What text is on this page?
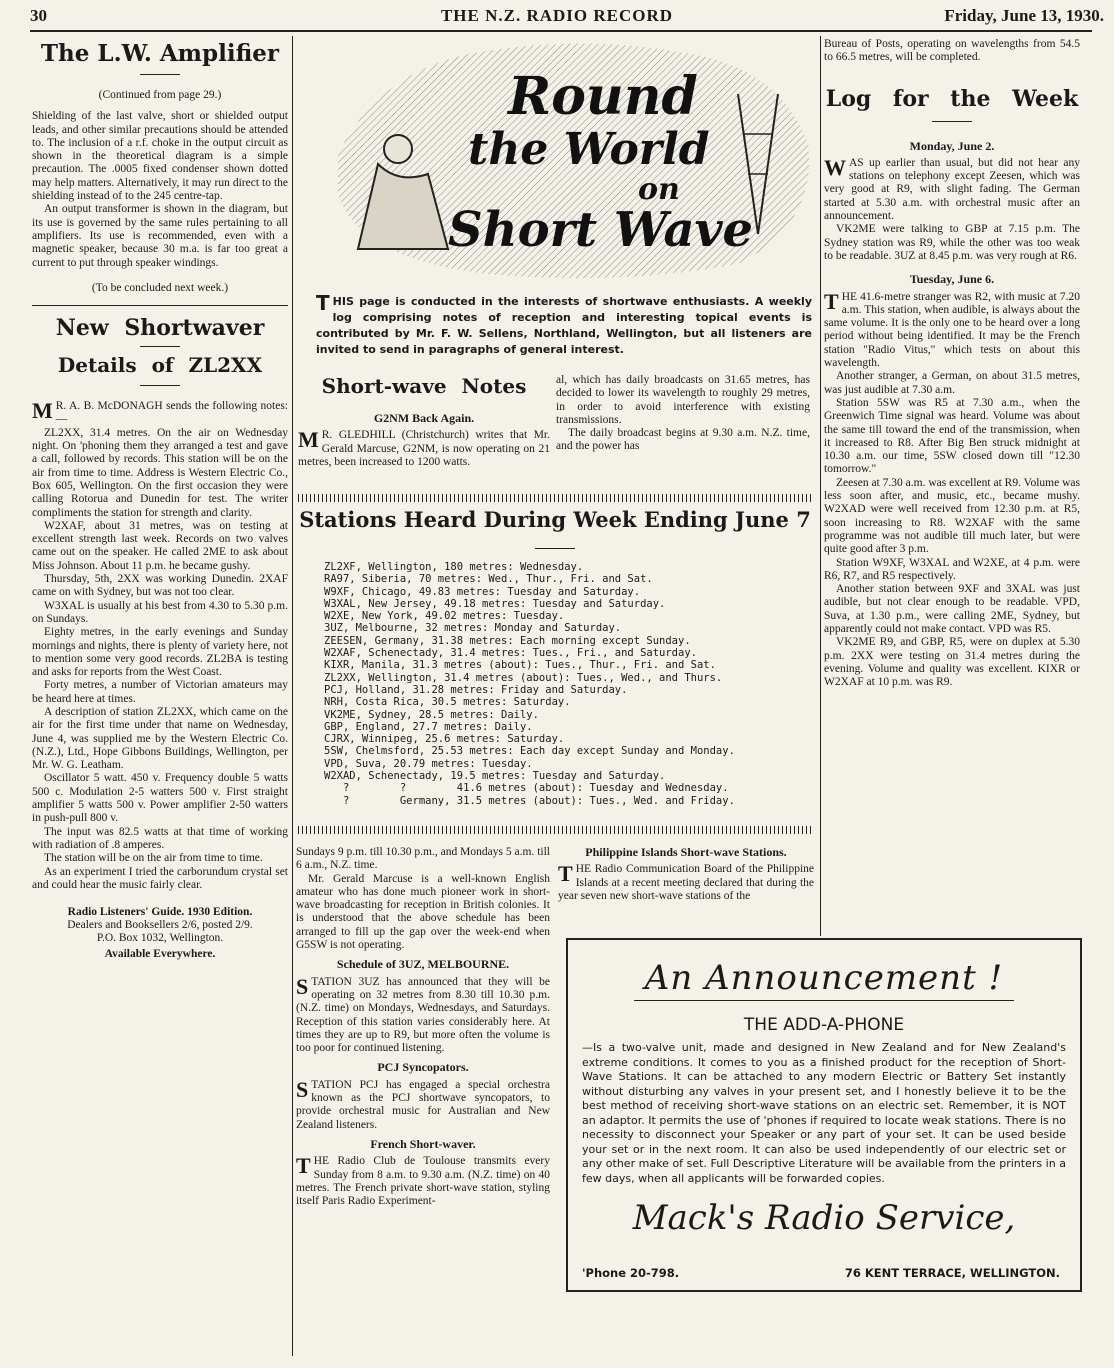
30	THE N.Z. RADIO RECORD	Friday, June 13, 1930.
The L.W. Amplifier
(Continued from page 29.)

Shielding of the last valve, short or shielded output leads, and other similar precautions should be attended to. The inclusion of a r.f. choke in the output circuit as shown in the theoretical diagram is a simple precaution. The .0005 fixed condenser shown dotted may help matters. Alternatively, it may run direct to the shielding instead of to the 245 centre-tap.

An output transformer is shown in the diagram, but its use is governed by the same rules pertaining to all amplifiers. Its use is recommended, even with a magnetic speaker, because 30 m.a. is far too great a current to put through speaker windings.

(To be concluded next week.)
New Shortwaver
Details of ZL2XX

M R. A. B. McDONAGH sends the following notes:—

ZL2XX, 31.4 metres. On the air on Wednesday night. On 'phoning them they arranged a test and gave a call, followed by records. This station will be on the air from time to time. Address is Western Electric Co., Box 605, Wellington. On the first occasion they were calling Rotorua and Dunedin for test. The writer compliments the station for strength and clarity.

W2XAF, about 31 metres, was on testing at excellent strength last week. Records on two valves came out on the speaker. He called 2ME to ask about Miss Johnson. About 11 p.m. he became gushy.

Thursday, 5th, 2XX was working Dunedin. 2XAF came on with Sydney, but was not too clear.

W3XAL is usually at his best from 4.30 to 5.30 p.m. on Sundays.

Eighty metres, in the early evenings and Sunday mornings and nights, there is plenty of variety here, not to mention some very good records. ZL2BA is testing and asks for reports from the West Coast.

Forty metres, a number of Victorian amateurs may be heard here at times.

A description of station ZL2XX, which came on the air for the first time under that name on Wednesday, June 4, was supplied me by the Western Electric Co. (N.Z.), Ltd., Hope Gibbons Buildings, Wellington, per Mr. W. G. Leatham.

Oscillator 5 watt. 450 v. Frequency double 5 watts 500 c. Modulation 2-5 watters 500 v. First straight amplifier 5 watts 500 v. Power amplifier 2-50 watters in push-pull 800 v.

The input was 82.5 watts at that time of working with radiation of .8 amperes.

The station will be on the air from time to time.

As an experiment I tried the carborundum crystal set and could hear the music fairly clear.

Radio Listeners' Guide. 1930 Edition.
Dealers and Booksellers 2/6, posted 2/9.
P.O. Box 1032, Wellington.
Available Everywhere.
Round
the World
on
Short Wave
THIS page is conducted in the interests of shortwave enthusiasts. A weekly log comprising notes of reception and interesting topical events is contributed by Mr. F. W. Sellens, Northland, Wellington, but all listeners are invited to send in paragraphs of general interest.
Short-wave Notes
G2NM Back Again.

M R. GLEDHILL (Christchurch) writes that Mr. Gerald Marcuse, G2NM, is now operating on 21 metres, been increased to 1200 watts.

al, which has daily broadcasts on 31.65 metres, has decided to lower its wavelength to roughly 29 metres, in order to avoid interference with existing transmissions.

The daily broadcast begins at 9.30 a.m. N.Z. time, and the power has

Stations Heard During Week Ending June 7
ZL2XF, Wellington, 180 metres: Wednesday.
RA97, Siberia, 70 metres: Wed., Thur., Fri. and Sat.
W9XF, Chicago, 49.83 metres: Tuesday and Saturday.
W3XAL, New Jersey, 49.18 metres: Tuesday and Saturday.
W2XE, New York, 49.02 metres: Tuesday.
3UZ, Melbourne, 32 metres: Monday and Saturday.
ZEESEN, Germany, 31.38 metres: Each morning except Sunday.
W2XAF, Schenectady, 31.4 metres: Tues., Fri., and Saturday.
KIXR, Manila, 31.3 metres (about): Tues., Thur., Fri. and Sat.
ZL2XX, Wellington, 31.4 metres (about): Tues., Wed., and Thurs.
PCJ, Holland, 31.28 metres: Friday and Saturday.
NRH, Costa Rica, 30.5 metres: Saturday.
VK2ME, Sydney, 28.5 metres: Daily.
GBP, England, 27.7 metres: Daily.
CJRX, Winnipeg, 25.6 metres: Saturday.
5SW, Chelmsford, 25.53 metres: Each day except Sunday and Monday.
VPD, Suva, 20.79 metres: Tuesday.
W2XAD, Schenectady, 19.5 metres: Tuesday and Saturday.
?        ?        41.6 metres (about): Tuesday and Wednesday.
?        Germany, 31.5 metres (about): Tues., Wed. and Friday.

Sundays 9 p.m. till 10.30 p.m., and Mondays 5 a.m. till 6 a.m., N.Z. time.

Mr. Gerald Marcuse is a well-known English amateur who has done much pioneer work in short-wave broadcasting for reception in British colonies. It is understood that the above schedule has been arranged to fill up the gap over the week-end when G5SW is not operating.

Schedule of 3UZ, MELBOURNE.

STATION 3UZ has announced that they will be operating on 32 metres from 8.30 till 10.30 p.m. (N.Z. time) on Mondays, Wednesdays, and Saturdays. Reception of this station varies considerably here. At times they are up to R9, but more often the volume is too poor for continued listening.

PCJ Syncopators.

STATION PCJ has engaged a special orchestra known as the PCJ shortwave syncopators, to provide orchestral music for Australian and New Zealand listeners.

French Short-waver.

THE Radio Club de Toulouse transmits every Sunday from 8 a.m. to 9.30 a.m. (N.Z. time) on 40 metres. The French private short-wave station, styling itself Paris Radio Experiment-

Philippine Islands Short-wave Stations.

THE Radio Communication Board of the Philippine Islands at a recent meeting declared that during the year seven new short-wave stations of the

Bureau of Posts, operating on wavelengths from 54.5 to 66.5 metres, will be completed.

Log for the Week
Monday, June 2.

WAS up earlier than usual, but did not hear any stations on telephony except Zeesen, which was very good at R9, with slight fading. The German started at 5.30 a.m. with orchestral music after an announcement.

VK2ME were talking to GBP at 7.15 p.m. The Sydney station was R9, while the other was too weak to be readable. 3UZ at 8.45 p.m. was very rough at R6.

Tuesday, June 6.

THE 41.6-metre stranger was R2, with music at 7.20 a.m. This station, when audible, is always about the same volume. It is the only one to be heard over a long period without being identified. It may be the French station "Radio Vitus," which tests on about this wavelength.

Another stranger, a German, on about 31.5 metres, was just audible at 7.30 a.m.

Station 5SW was R5 at 7.30 a.m., when the Greenwich Time signal was heard. Volume was about the same till toward the end of the transmission, when it increased to R8. After Big Ben struck midnight at 10.30 a.m. our time, 5SW closed down till "12.30 tomorrow."

Zeesen at 7.30 a.m. was excellent at R9. Volume was less soon after, and music, etc., became mushy. W2XAD were well received from 12.30 p.m. at R5, soon increasing to R8. W2XAF with the same programme was not audible till much later, but were quite good after 3 p.m.

Station W9XF, W3XAL and W2XE, at 4 p.m. were R6, R7, and R5 respectively.

Another station between 9XF and 3XAL was just audible, but not clear enough to be readable. VPD, Suva, at 1.30 p.m., were calling 2ME, Sydney, but apparently could not make contact. VPD was R5.

VK2ME R9, and GBP, R5, were on duplex at 5.30 p.m. 2XX were testing on 31.4 metres during the evening. Volume and quality was excellent. KIXR or W2XAF at 10 p.m. was R9.

An Announcement !
THE ADD-A-PHONE
—Is a two-valve unit, made and designed in New Zealand and for New Zealand's extreme conditions. It comes to you as a finished product for the reception of Short-Wave Stations. It can be attached to any modern Electric or Battery Set instantly without disturbing any valves in your present set, and I honestly believe it to be the best method of receiving short-wave stations on an electric set. Remember, it is NOT an adaptor. It permits the use of 'phones if required to locate weak stations. There is no necessity to disconnect your Speaker or any part of your set. It can be used beside your set or in the next room. It can also be used independently of our electric set or any other make of set. Full Descriptive Literature will be available from the printers in a few days, when all applicants will be forwarded copies.
Mack's Radio Service,
'Phone 20-798.	76 KENT TERRACE, WELLINGTON.
